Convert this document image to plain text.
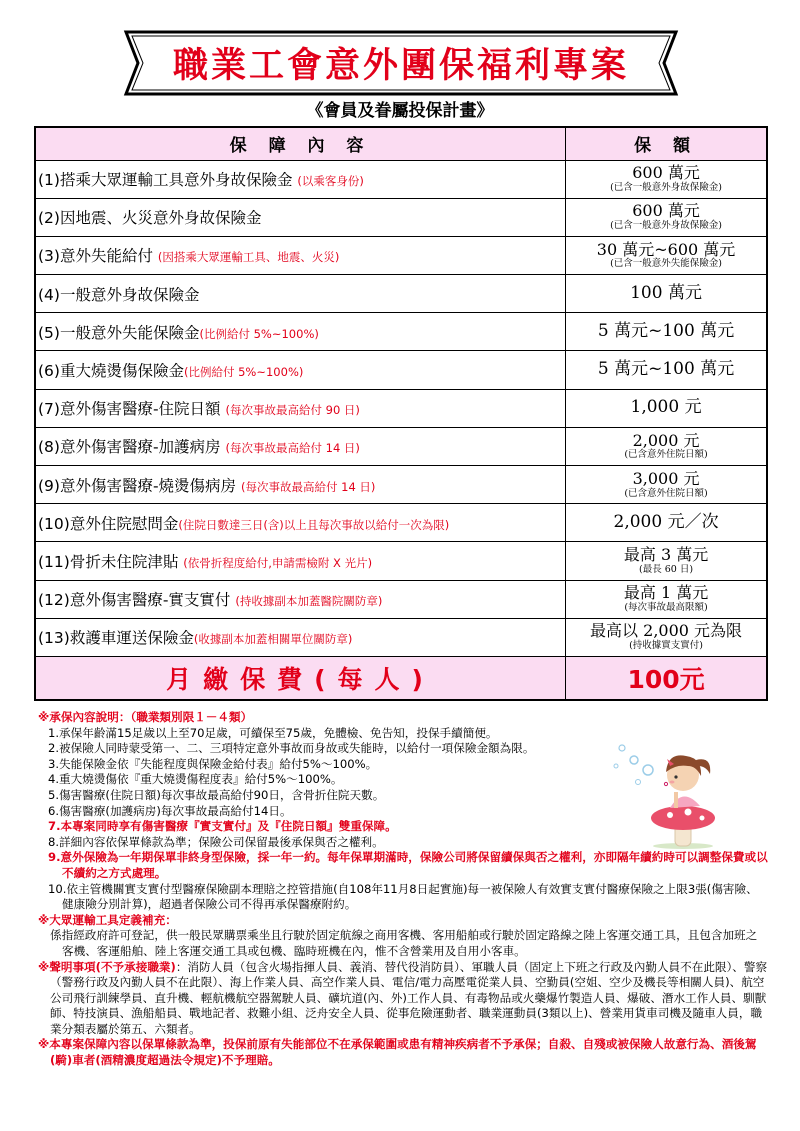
職業工會意外團保福利專案
《會員及眷屬投保計畫》
保 障 內 容	保 額
(1)搭乘大眾運輸工具意外身故保險金 (以乘客身份)	600 萬元
(已含一般意外身故保險金)

(2)因地震、火災意外身故保險金	600 萬元
(已含一般意外身故保險金)

(3)意外失能給付 (因搭乘大眾運輸工具、地震、火災)	30 萬元~600 萬元
(已含一般意外失能保險金)

(4)一般意外身故保險金	100 萬元

(5)一般意外失能保險金(比例給付 5%~100%)	5 萬元~100 萬元

(6)重大燒燙傷保險金(比例給付 5%~100%)	5 萬元~100 萬元

(7)意外傷害醫療-住院日額 (每次事故最高給付 90 日)	1,000 元

(8)意外傷害醫療-加護病房 (每次事故最高給付 14 日)	2,000 元
(已含意外住院日額)

(9)意外傷害醫療-燒燙傷病房 (每次事故最高給付 14 日)	3,000 元
(已含意外住院日額)

(10)意外住院慰問金(住院日數達三日(含)以上且每次事故以給付一次為限)	2,000 元／次

(11)骨折未住院津貼 (依骨折程度給付,申請需檢附 X 光片)	最高 3 萬元
(最長 60 日)

(12)意外傷害醫療-實支實付 (持收據副本加蓋醫院關防章)	最高 1 萬元
(每次事故最高限額)

(13)救護車運送保險金(收據副本加蓋相關單位關防章)	最高以 2,000 元為限
(持收據實支實付)

月繳保費(每人)	100元
※承保內容說明：（職業類別限１－４類）
1.承保年齡滿15足歲以上至70足歲，可續保至75歲，免體檢、免告知，投保手續簡便。
2.被保險人同時蒙受第一、二、三項特定意外事故而身故或失能時，以給付一項保險金額為限。
3.失能保險金依『失能程度與保險金給付表』給付5%～100%。
4.重大燒燙傷依『重大燒燙傷程度表』給付5%～100%。
5.傷害醫療(住院日額)每次事故最高給付90日，含骨折住院天數。
6.傷害醫療(加護病房)每次事故最高給付14日。
7.本專案同時享有傷害醫療『實支實付』及『住院日額』雙重保障。
8.詳細內容依保單條款為準；保險公司保留最後承保與否之權利。
9.意外保險為一年期保單非終身型保險，採一年一約。每年保單期滿時，保險公司將保留續保與否之權利，亦即隔年續約時可以調整保費或以不續約之方式處理。
10.依主管機關實支實付型醫療保險副本理賠之控管措施(自108年11月8日起實施)每一被保險人有效實支實付醫療保險之上限3張(傷害險、健康險分別計算)，超過者保險公司不得再承保醫療附約。
※大眾運輸工具定義補充：
係指經政府許可登記，供一般民眾購票乘坐且行駛於固定航線之商用客機、客用船舶或行駛於固定路線之陸上客運交通工具，且包含加班之客機、客運船舶、陸上客運交通工具或包機、臨時班機在內，惟不含營業用及自用小客車。
※聲明事項(不予承接職業)：消防人員（包含火場指揮人員、義消、替代役消防員）、軍職人員（固定上下班之行政及內勤人員不在此限）、警察（警務行政及內勤人員不在此限）、海上作業人員、高空作業人員、電信/電力高壓電從業人員、空勤員(空姐、空少及機長等相關人員)、航空公司飛行訓練學員、直升機、輕航機航空器駕駛人員、礦坑道(內、外)工作人員、有毒物品或火藥爆竹製造人員、爆破、潛水工作人員、馴獸師、特技演員、漁船船員、戰地記者、救難小組、泛舟安全人員、從事危險運動者、職業運動員(3類以上)、營業用貨車司機及隨車人員，職業分類表屬於第五、六類者。
※本專案保障內容以保單條款為準，投保前原有失能部位不在承保範圍或患有精神疾病者不予承保；自殺、自殘或被保險人故意行為、酒後駕(騎)車者(酒精濃度超過法令規定)不予理賠。
